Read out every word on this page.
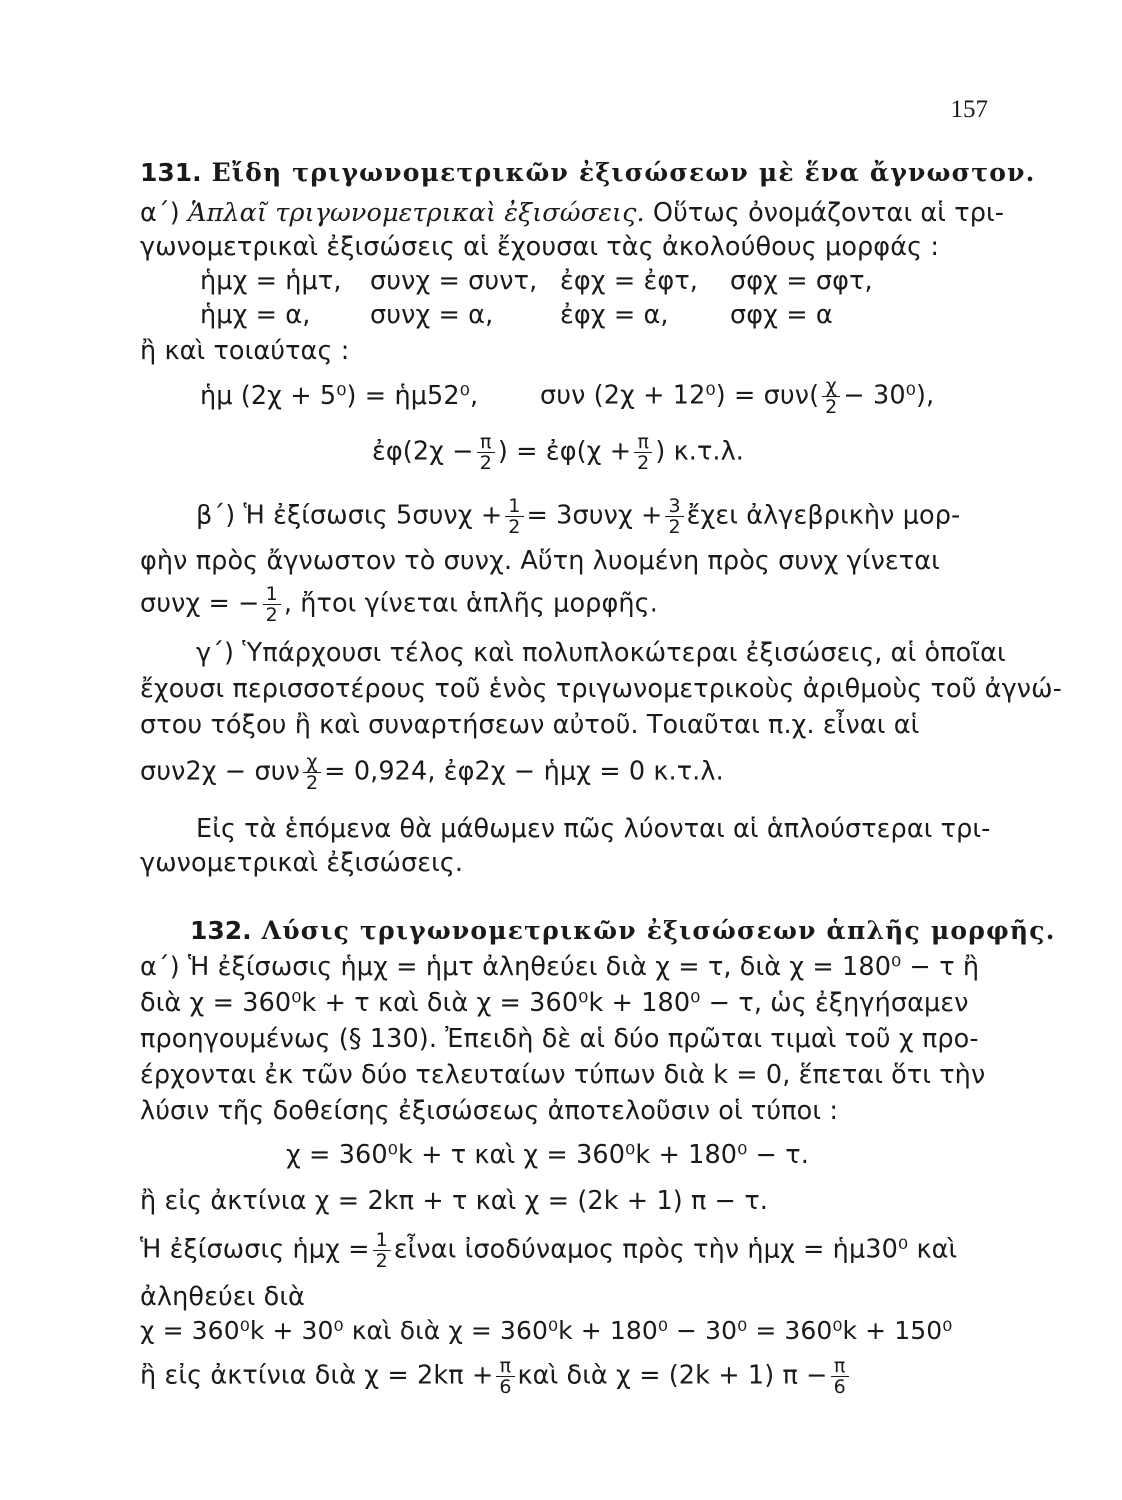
157
131. Εἴδη τριγωνομετρικῶν ἐξισώσεων μὲ ἕνα ἄγνωστον.
α΄) Ἁπλαῖ τριγωνομετρικαὶ ἐξισώσεις. Οὕτως ὀνομάζονται αἱ τρι-
γωνομετρικαὶ ἐξισώσεις αἱ ἔχουσαι τὰς ἀκολούθους μορφάς :
ἡμχ = ἡμτ, συνχ = συντ, ἐφχ = ἐφτ, σφχ = σφτ,
ἡμχ = α, συνχ = α,	ἐφχ = α, σφχ = α
ἢ καὶ τοιαύτας :
ἡμ (2χ + 5⁰) = ἡμ52⁰, συν $(2\chi + 12^0) = \sigma\upsilon\nu( \frac{\chi}{2} - 30^0)$,
ἐφ(2χ − $\frac{\pi}{2}$ ) = ἐφ(χ + $\frac{\pi}{2}$ ) κ.τ.λ.
β΄) Ἡ ἐξίσωσις $5\sigma\upsilon\nu\chi + \frac{1}{2} = 3\sigma\upsilon\nu\chi + \frac{3}{2}$ ἔχει ἀλγεβρικὴν μορ-
φὴν πρὸς ἄγνωστον τὸ συνχ. Αὕτη λυομένη πρὸς συνχ γίνεται
συνχ = − $\frac{1}{2}$ , ἤτοι γίνεται ἁπλῆς μορφῆς.
γ΄) Ὑπάρχουσι τέλος καὶ πολυπλοκώτεραι ἐξισώσεις, αἱ ὁποῖαι
ἔχουσι περισσοτέρους τοῦ ἑνὸς τριγωνομετρικοὺς ἀριθμοὺς τοῦ ἀγνώ-
στου τόξου ἢ καὶ συναρτήσεων αὐτοῦ. Τοιαῦται π.χ. εἶναι αἱ
συν2χ − συν $\frac{\chi}{2} = 0,924$, ἐφ2χ − ἡμχ = 0 κ.τ.λ.
Εἰς τὰ ἑπόμενα θὰ μάθωμεν πῶς λύονται αἱ ἁπλούστεραι τρι-
γωνομετρικαὶ ἐξισώσεις.
132. Λύσις τριγωνομετρικῶν ἐξισώσεων ἁπλῆς μορφῆς.
α΄) Ἡ ἐξίσωσις ἡμχ = ἡμτ ἀληθεύει διὰ χ = τ, διὰ χ = 180⁰ − τ ἢ
διὰ χ = 360⁰k + τ καὶ διὰ χ = 360⁰k + 180⁰ − τ, ὡς ἐξηγήσαμεν
προηγουμένως (§ 130). Ἐπειδὴ δὲ αἱ δύο πρῶται τιμαὶ τοῦ χ προ-
έρχονται ἐκ τῶν δύο τελευταίων τύπων διὰ k = 0, ἕπεται ὅτι τὴν
λύσιν τῆς δοθείσης ἐξισώσεως ἀποτελοῦσιν οἱ τύποι :
χ = 360⁰k + τ καὶ χ = 360⁰k + 180⁰ − τ.
ἢ εἰς ἀκτίνια χ = 2kπ + τ καὶ χ = (2k + 1) π − τ.
Ἡ ἐξίσωσις ἡμχ = $\frac{1}{2}$ εἶναι ἰσοδύναμος πρὸς τὴν ἡμχ = ἡμ30⁰ καὶ
ἀληθεύει διὰ
χ = 360⁰k + 30⁰ καὶ διὰ χ = 360⁰k + 180⁰ − 30⁰ = 360⁰k + 150⁰
ἢ εἰς ἀκτίνια διὰ $\chi = 2k\pi + \frac{\pi}{6}$ καὶ διὰ χ = (2k + 1) $\pi - \frac{\pi}{6}$
